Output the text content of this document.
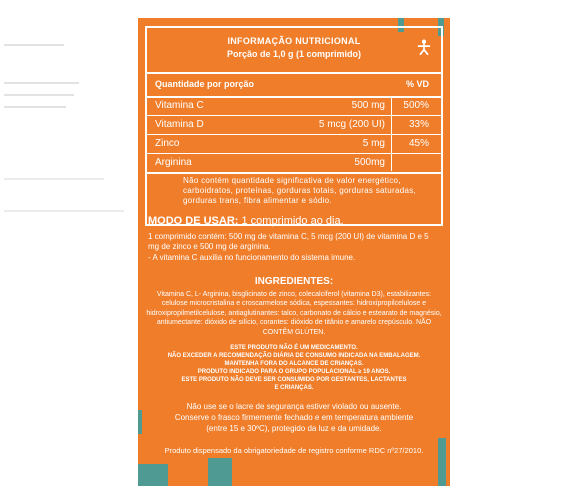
INFORMAÇÃO NUTRICIONAL
Porção de 1,0 g (1 comprimido)
Quantidade por porção	% VD
Vitamina C	500 mg 500%
Vitamina D	5 mcg (200 UI) 33%
Zinco	5 mg 45%
Arginina	500mg
Não contém quantidade significativa de valor energético, carboidratos, proteínas, gorduras totais, gorduras saturadas, gorduras trans, fibra alimentar e sódio.
MODO DE USAR: 1 comprimido ao dia.
1 comprimido contém: 500 mg de vitamina C, 5 mcg (200 UI) de vitamina D e 5 mg de zinco e 500 mg de arginina.
- A vitamina C auxilia no funcionamento do sistema imune.
INGREDIENTES:
Vitamina C, L- Arginina, bisglicinato de zinco, colecalciferol (vitamina D3), estabilizantes: celulose microcristalina e croscarmelose sódica, espessantes: hidroxipropilcelulose e hidroxipropilmetilcelulose, antiaglutinantes: talco, carbonato de cálcio e estearato de magnésio, antiumectante: dióxido de silício, corantes: dióxido de titânio e amarelo crepúsculo. NÃO CONTÊM GLÚTEN.
ESTE PRODUTO NÃO É UM MEDICAMENTO.
NÃO EXCEDER A RECOMENDAÇÃO DIÁRIA DE CONSUMO INDICADA NA EMBALAGEM.
MANTENHA FORA DO ALCANCE DE CRIANÇAS.
PRODUTO INDICADO PARA O GRUPO POPULACIONAL ≥ 19 ANOS.
ESTE PRODUTO NÃO DEVE SER CONSUMIDO POR GESTANTES, LACTANTES
E CRIANÇAS.
Não use se o lacre de segurança estiver violado ou ausente.
Conserve o frasco firmemente fechado e em temperatura ambiente
(entre 15 e 30ºC), protegido da luz e da umidade.
Produto dispensado da obrigatoriedade de registro conforme RDC nº27/2010.
